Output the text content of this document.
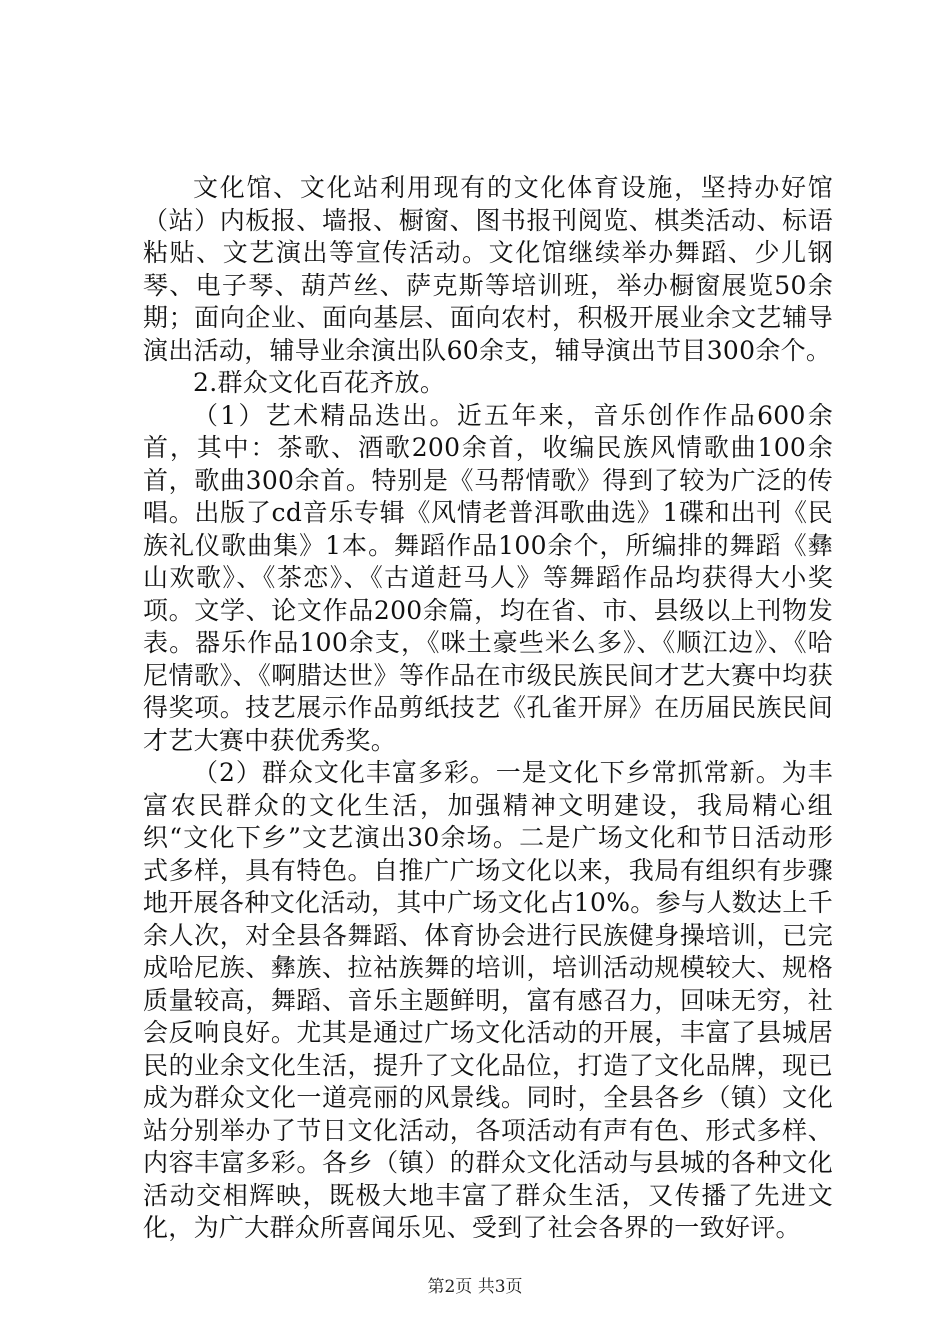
文化馆、文化站利用现有的文化体育设施，坚持办好馆（站）内板报、墙报、橱窗、图书报刊阅览、棋类活动、标语粘贴、文艺演出等宣传活动。文化馆继续举办舞蹈、少儿钢琴、电子琴、葫芦丝、萨克斯等培训班，举办橱窗展览50余期；面向企业、面向基层、面向农村，积极开展业余文艺辅导演出活动，辅导业余演出队60余支，辅导演出节目300余个。

2.群众文化百花齐放。

（1）艺术精品迭出。近五年来，音乐创作作品600余首，其中：茶歌、酒歌200余首，收编民族风情歌曲100余首，歌曲300余首。特别是《马帮情歌》得到了较为广泛的传唱。出版了cd音乐专辑《风情老普洱歌曲选》1碟和出刊《民族礼仪歌曲集》1本。舞蹈作品100余个，所编排的舞蹈《彝山欢歌》、《茶恋》、《古道赶马人》等舞蹈作品均获得大小奖项。文学、论文作品200余篇，均在省、市、县级以上刊物发表。器乐作品100余支，《咪土豪些米么多》、《顺江边》、《哈尼情歌》、《啊腊达世》等作品在市级民族民间才艺大赛中均获得奖项。技艺展示作品剪纸技艺《孔雀开屏》在历届民族民间才艺大赛中获优秀奖。

（2）群众文化丰富多彩。一是文化下乡常抓常新。为丰富农民群众的文化生活，加强精神文明建设，我局精心组织“文化下乡”文艺演出30余场。二是广场文化和节日活动形式多样，具有特色。自推广广场文化以来，我局有组织有步骤地开展各种文化活动，其中广场文化占10%。参与人数达上千余人次，对全县各舞蹈、体育协会进行民族健身操培训，已完成哈尼族、彝族、拉祜族舞的培训，培训活动规模较大、规格质量较高，舞蹈、音乐主题鲜明，富有感召力，回味无穷，社会反响良好。尤其是通过广场文化活动的开展，丰富了县城居民的业余文化生活，提升了文化品位，打造了文化品牌，现已成为群众文化一道亮丽的风景线。同时，全县各乡（镇）文化站分别举办了节日文化活动，各项活动有声有色、形式多样、内容丰富多彩。各乡（镇）的群众文化活动与县城的各种文化活动交相辉映，既极大地丰富了群众生活，又传播了先进文化，为广大群众所喜闻乐见、受到了社会各界的一致好评。

第2页 共3页
